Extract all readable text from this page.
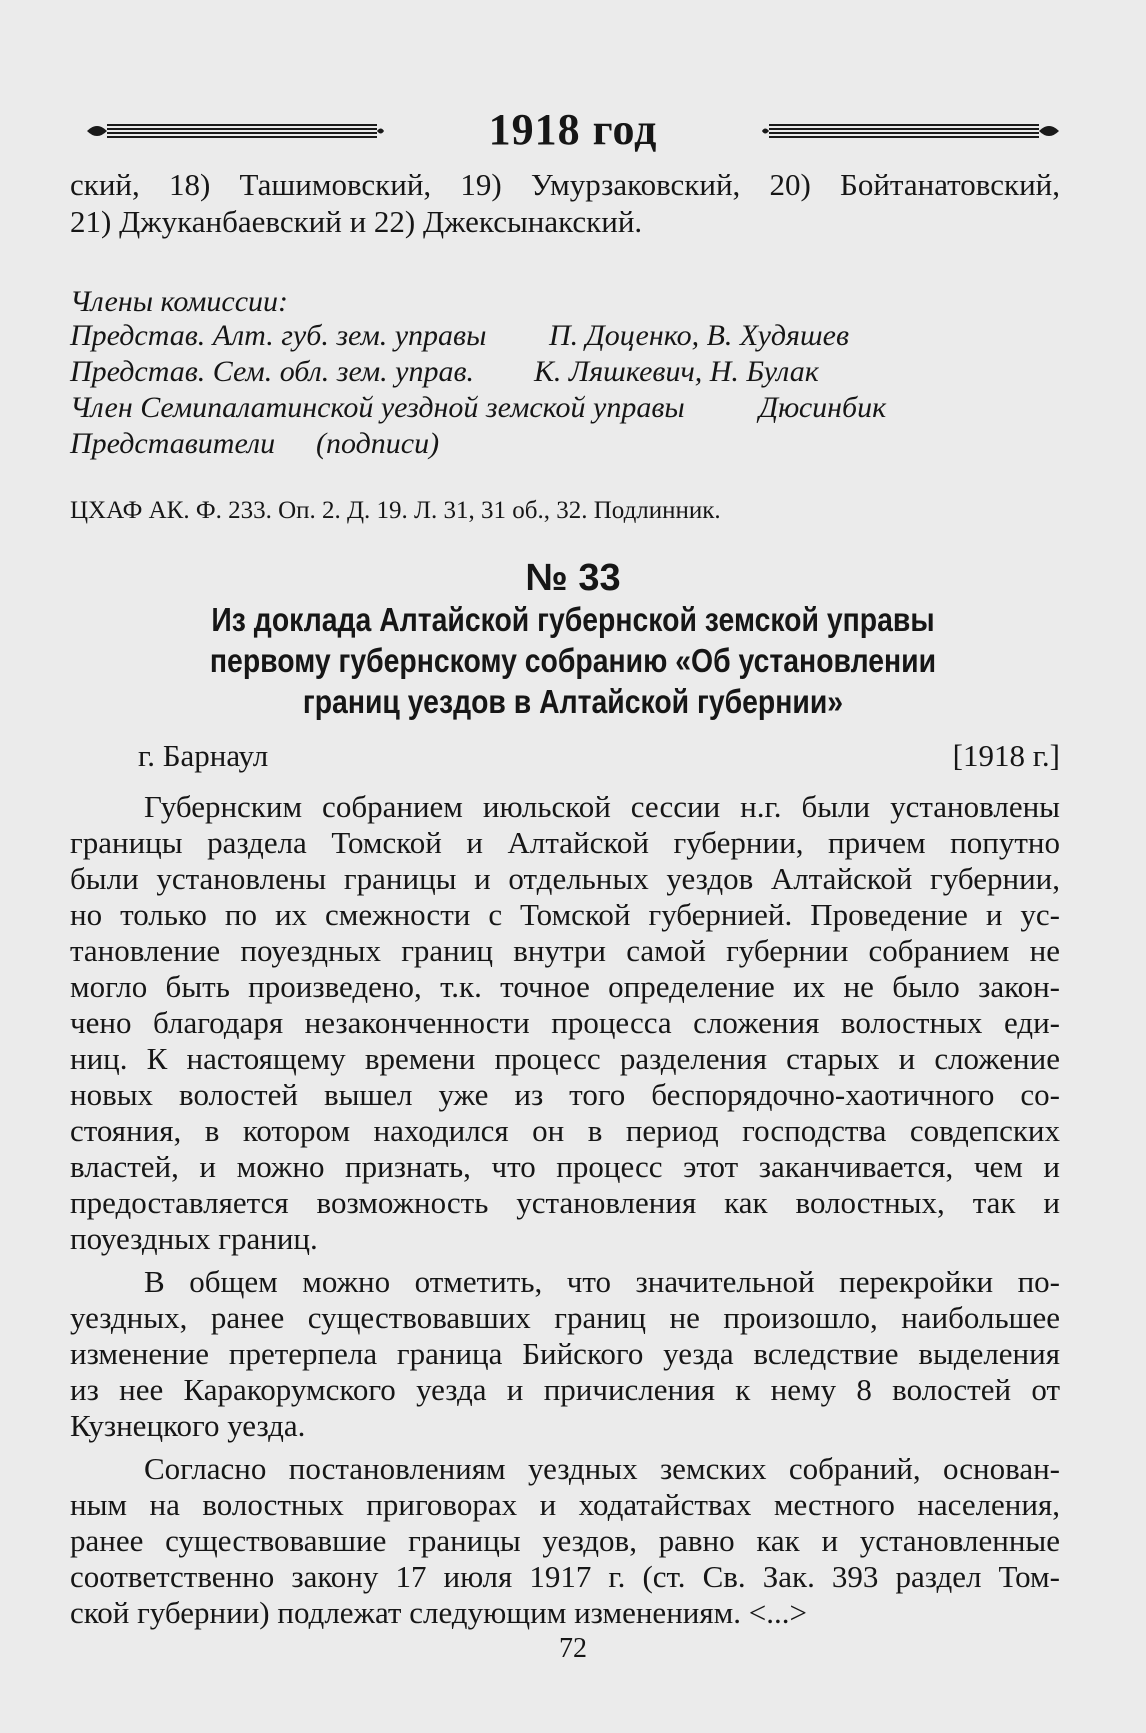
1918 год
ский, 18) Ташимовский, 19) Умурзаковский, 20) Бойтанатовский,
21) Джуканбаевский и 22) Джексынакский.
Члены комиссии:
Представ. Алт. губ. зем. управы П. Доценко, В. Худяшев
Представ. Сем. обл. зем. управ. К. Ляшкевич, Н. Булак
Член Семипалатинской уездной земской управы Дюсинбик
Представители (подписи)
ЦХАФ АК. Ф. 233. Оп. 2. Д. 19. Л. 31, 31 об., 32. Подлинник.
№ 33
Из доклада Алтайской губернской земской управы
первому губернскому собранию «Об установлении
границ уездов в Алтайской губернии»
г. Барнаул	[1918 г.]
Губернским собранием июльской сессии н.г. были установлены
границы раздела Томской и Алтайской губернии, причем попутно
были установлены границы и отдельных уездов Алтайской губернии,
но только по их смежности с Томской губернией. Проведение и ус-
тановление поуездных границ внутри самой губернии собранием не
могло быть произведено, т.к. точное определение их не было закон-
чено благодаря незаконченности процесса сложения волостных еди-
ниц. К настоящему времени процесс разделения старых и сложение
новых волостей вышел уже из того беспорядочно-хаотичного со-
стояния, в котором находился он в период господства совдепских
властей, и можно признать, что процесс этот заканчивается, чем и
предоставляется возможность установления как волостных, так и
поуездных границ.
В общем можно отметить, что значительной перекройки по-
уездных, ранее существовавших границ не произошло, наибольшее
изменение претерпела граница Бийского уезда вследствие выделения
из нее Каракорумского уезда и причисления к нему 8 волостей от
Кузнецкого уезда.
Согласно постановлениям уездных земских собраний, основан-
ным на волостных приговорах и ходатайствах местного населения,
ранее существовавшие границы уездов, равно как и установленные
соответственно закону 17 июля 1917 г. (ст. Св. Зак. 393 раздел Том-
ской губернии) подлежат следующим изменениям. <...>
72
